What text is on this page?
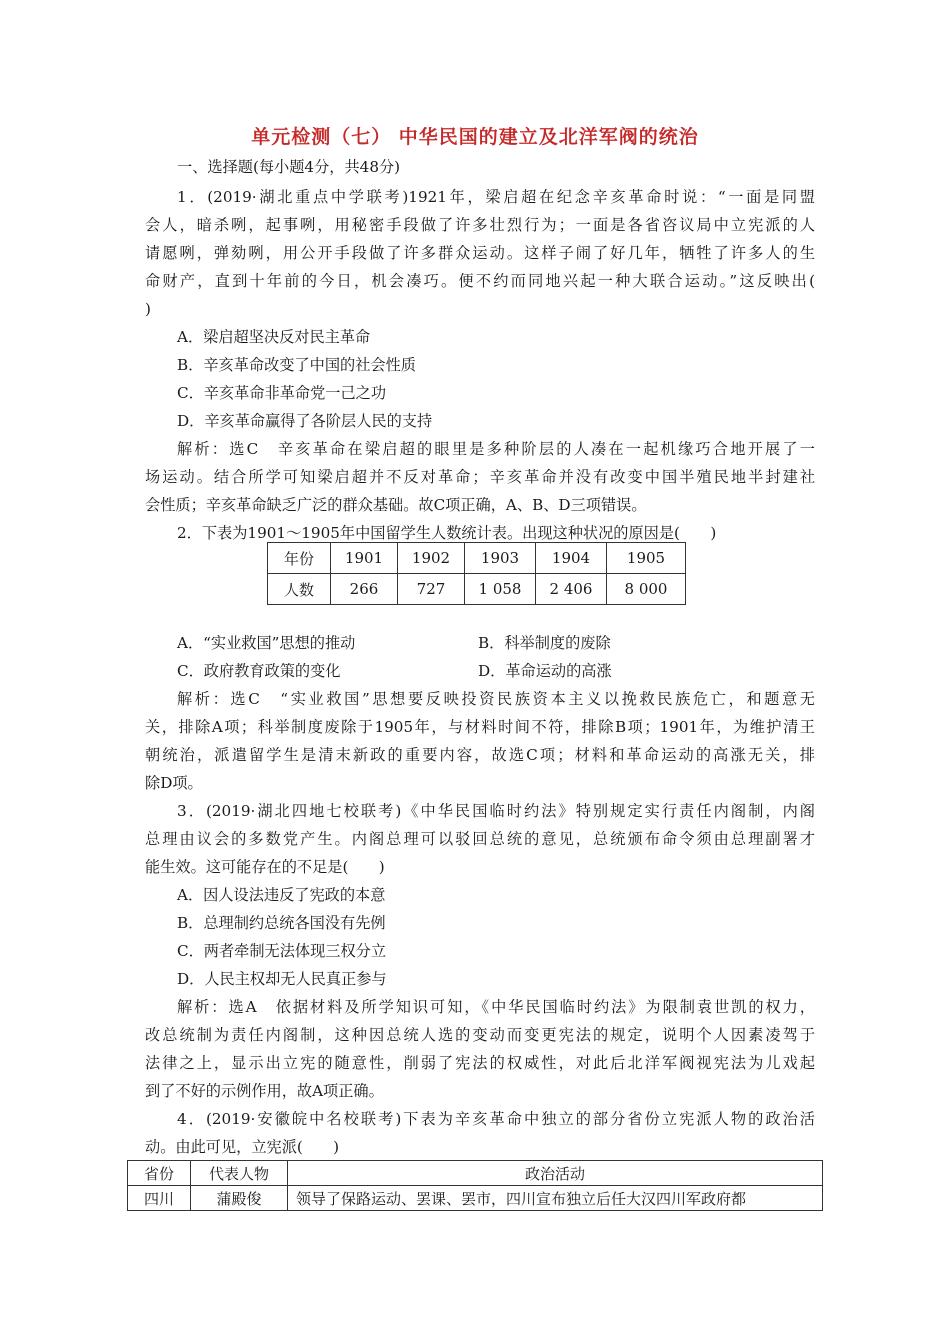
单元检测（七） 中华民国的建立及北洋军阀的统治
一、选择题(每小题4分，共48分)
1．(2019·湖北重点中学联考)1921年，梁启超在纪念辛亥革命时说：“一面是同盟
会人，暗杀咧，起事咧，用秘密手段做了许多壮烈行为；一面是各省咨议局中立宪派的人
请愿咧，弹劾咧，用公开手段做了许多群众运动。这样子闹了好几年，牺牲了许多人的生
命财产，直到十年前的今日，机会凑巧。便不约而同地兴起一种大联合运动。”这反映出(
)
A．梁启超坚决反对民主革命
B．辛亥革命改变了中国的社会性质
C．辛亥革命非革命党一己之功
D．辛亥革命赢得了各阶层人民的支持
解析：选C　辛亥革命在梁启超的眼里是多种阶层的人凑在一起机缘巧合地开展了一
场运动。结合所学可知梁启超并不反对革命；辛亥革命并没有改变中国半殖民地半封建社
会性质；辛亥革命缺乏广泛的群众基础。故C项正确，A、B、D三项错误。
2．下表为1901～1905年中国留学生人数统计表。出现这种状况的原因是(　　)
年份	1901	1902	1903	1904	1905
人数	266	727	1 058	2 406	8 000
A．“实业救国”思想的推动	B．科举制度的废除
C．政府教育政策的变化	D．革命运动的高涨
解析：选C　“实业救国”思想要反映投资民族资本主义以挽救民族危亡，和题意无
关，排除A项；科举制度废除于1905年，与材料时间不符，排除B项；1901年，为维护清王
朝统治，派遣留学生是清末新政的重要内容，故选C项；材料和革命运动的高涨无关，排
除D项。
3．(2019·湖北四地七校联考)《中华民国临时约法》特别规定实行责任内阁制，内阁
总理由议会的多数党产生。内阁总理可以驳回总统的意见，总统颁布命令须由总理副署才
能生效。这可能存在的不足是(　　)
A．因人设法违反了宪政的本意
B．总理制约总统各国没有先例
C．两者牵制无法体现三权分立
D．人民主权却无人民真正参与
解析：选A　依据材料及所学知识可知，《中华民国临时约法》为限制袁世凯的权力，
改总统制为责任内阁制，这种因总统人选的变动而变更宪法的规定，说明个人因素凌驾于
法律之上，显示出立宪的随意性，削弱了宪法的权威性，对此后北洋军阀视宪法为儿戏起
到了不好的示例作用，故A项正确。
4．(2019·安徽皖中名校联考)下表为辛亥革命中独立的部分省份立宪派人物的政治活
动。由此可见，立宪派(　　)
省份	代表人物	政治活动
四川	蒲殿俊	领导了保路运动、罢课、罢市，四川宣布独立后任大汉四川军政府都
